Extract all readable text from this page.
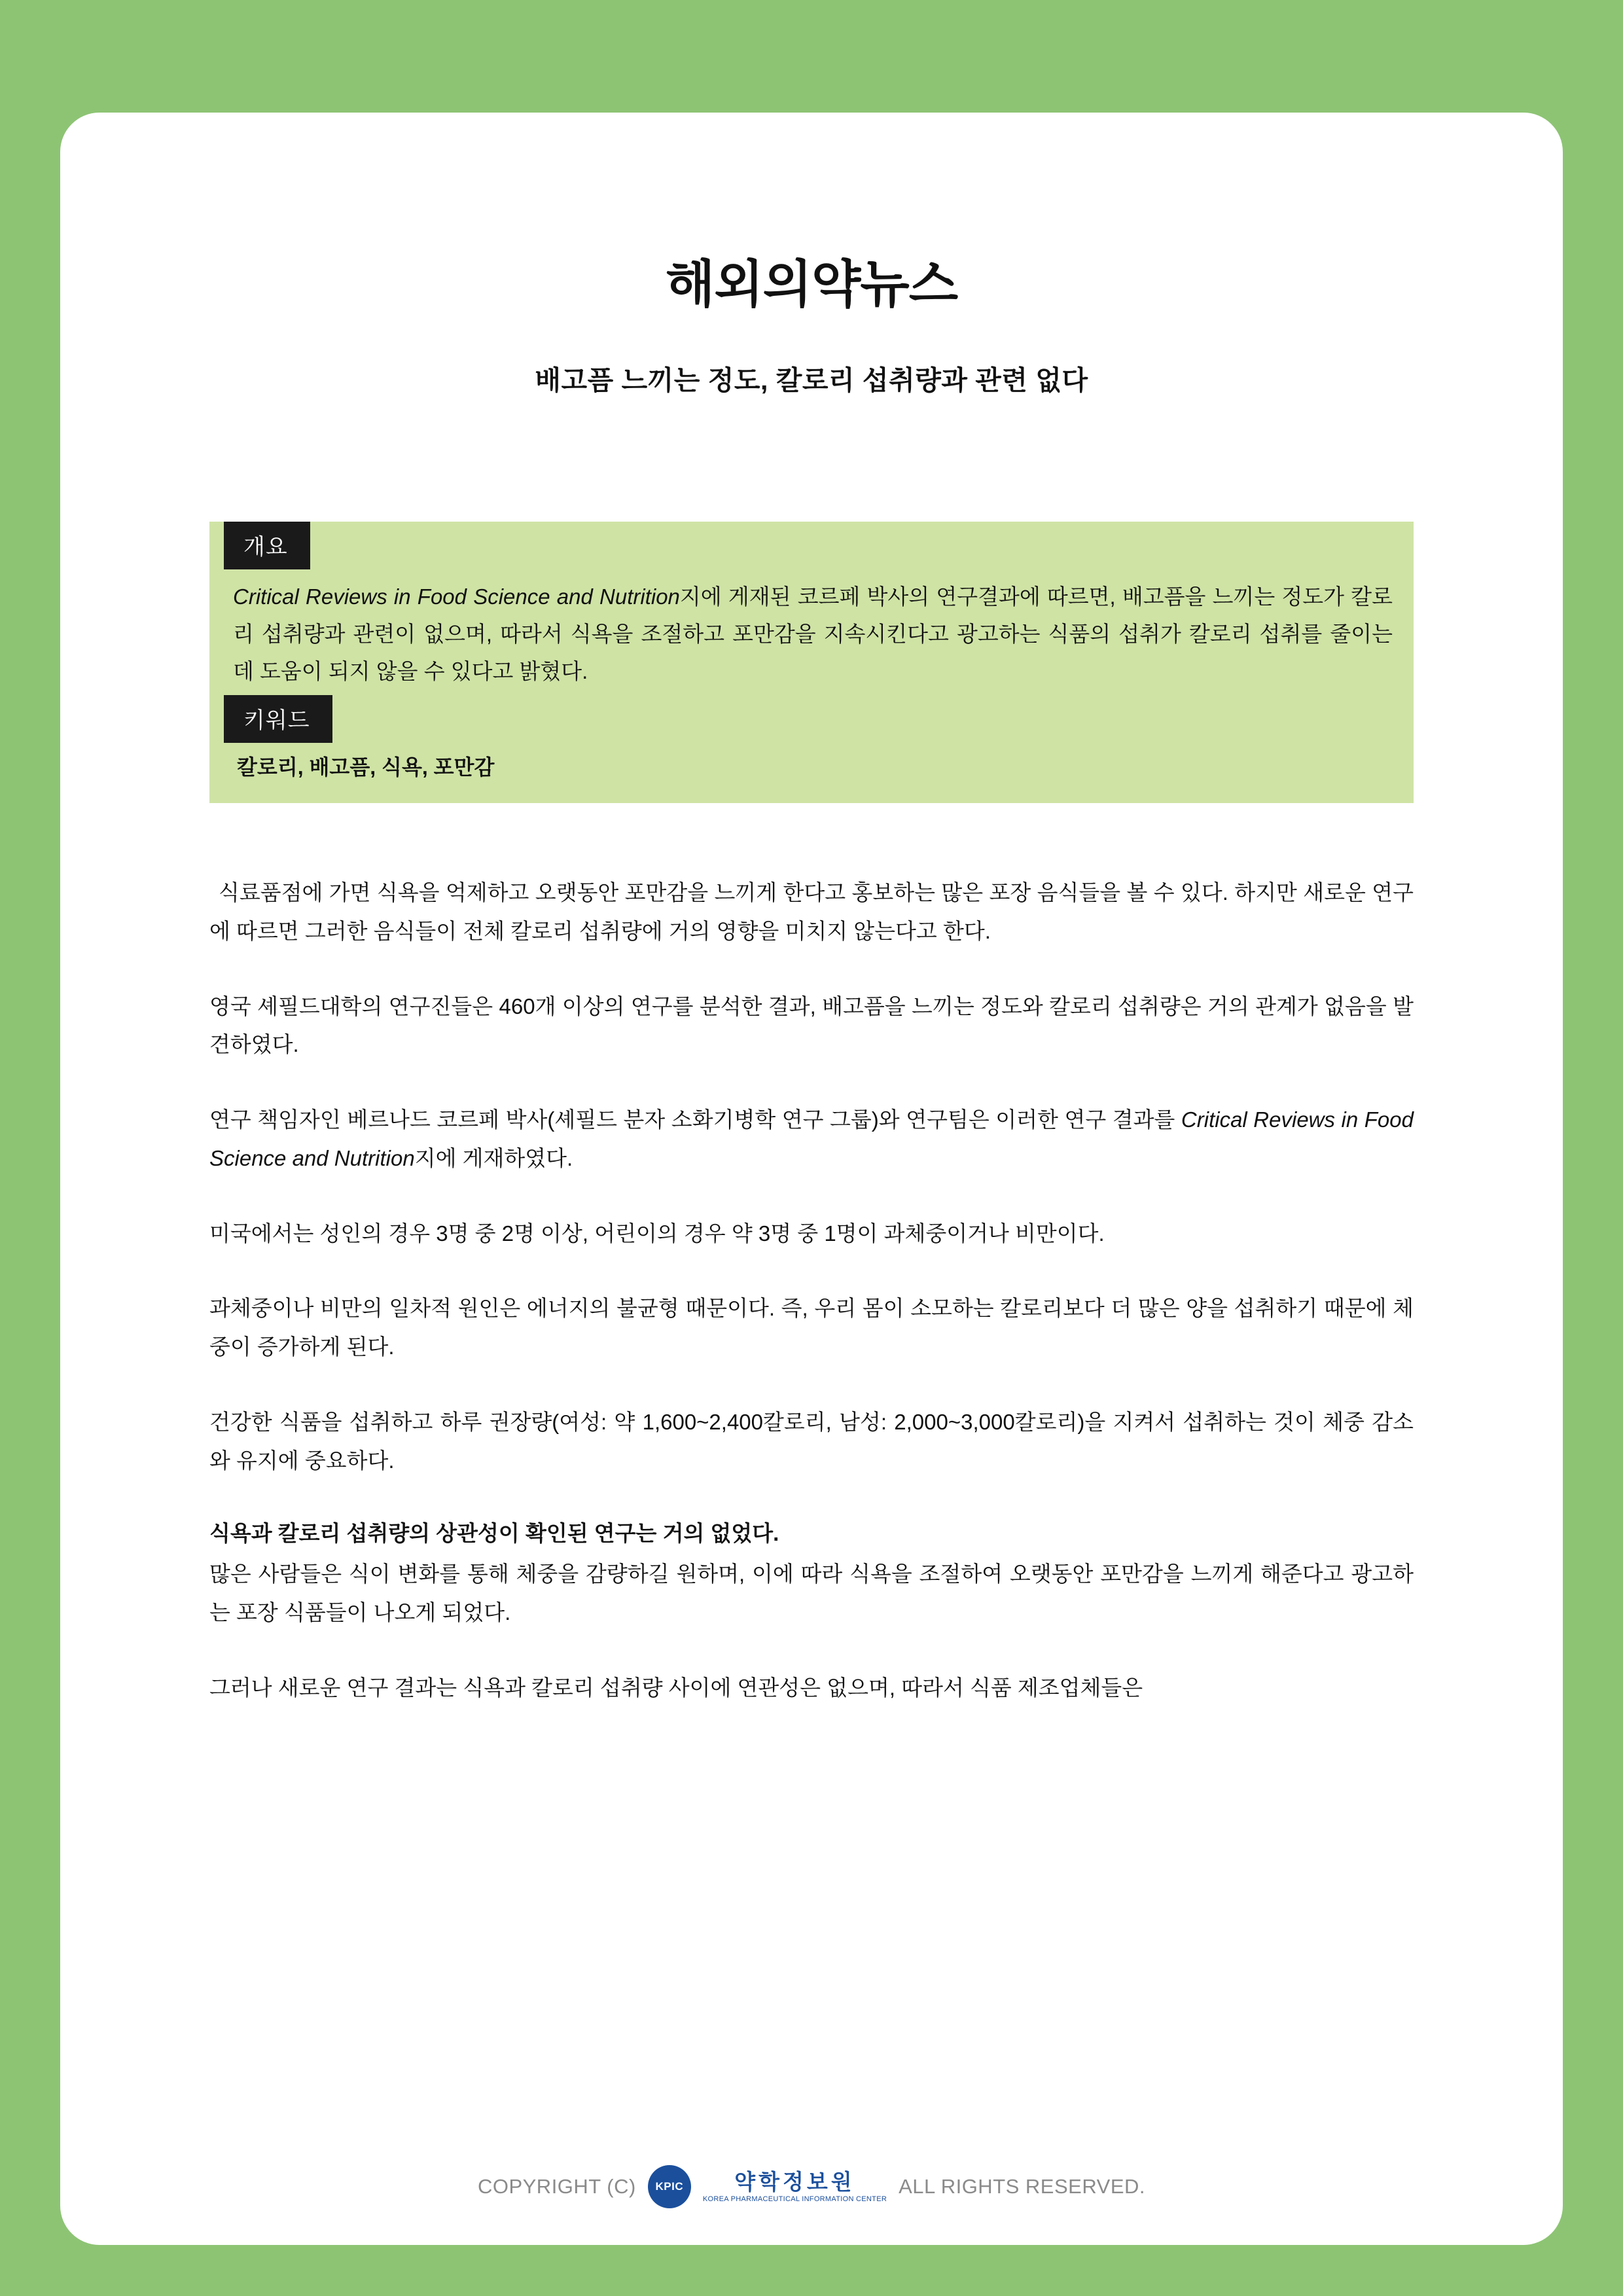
해외의약뉴스
배고픔 느끼는 정도, 칼로리 섭취량과 관련 없다
개요
Critical Reviews in Food Science and Nutrition지에 게재된 코르페 박사의 연구결과에 따르면, 배고픔을 느끼는 정도가 칼로리 섭취량과 관련이 없으며, 따라서 식욕을 조절하고 포만감을 지속시킨다고 광고하는 식품의 섭취가 칼로리 섭취를 줄이는 데 도움이 되지 않을 수 있다고 밝혔다.
키워드
칼로리, 배고픔, 식욕, 포만감

식료품점에 가면 식욕을 억제하고 오랫동안 포만감을 느끼게 한다고 홍보하는 많은 포장 음식들을 볼 수 있다. 하지만 새로운 연구에 따르면 그러한 음식들이 전체 칼로리 섭취량에 거의 영향을 미치지 않는다고 한다.

영국 셰필드대학의 연구진들은 460개 이상의 연구를 분석한 결과, 배고픔을 느끼는 정도와 칼로리 섭취량은 거의 관계가 없음을 발견하였다.

연구 책임자인 베르나드 코르페 박사(셰필드 분자 소화기병학 연구 그룹)와 연구팀은 이러한 연구 결과를 Critical Reviews in Food Science and Nutrition지에 게재하였다.

미국에서는 성인의 경우 3명 중 2명 이상, 어린이의 경우 약 3명 중 1명이 과체중이거나 비만이다.

과체중이나 비만의 일차적 원인은 에너지의 불균형 때문이다. 즉, 우리 몸이 소모하는 칼로리보다 더 많은 양을 섭취하기 때문에 체중이 증가하게 된다.

건강한 식품을 섭취하고 하루 권장량(여성: 약 1,600~2,400칼로리, 남성: 2,000~3,000칼로리)을 지켜서 섭취하는 것이 체중 감소와 유지에 중요하다.

식욕과 칼로리 섭취량의 상관성이 확인된 연구는 거의 없었다.

많은 사람들은 식이 변화를 통해 체중을 감량하길 원하며, 이에 따라 식욕을 조절하여 오랫동안 포만감을 느끼게 해준다고 광고하는 포장 식품들이 나오게 되었다.

그러나 새로운 연구 결과는 식욕과 칼로리 섭취량 사이에 연관성은 없으며, 따라서 식품 제조업체들은

COPYRIGHT (C)	KPIC	약학정보원
KOREA PHARMACEUTICAL INFORMATION CENTER
ALL RIGHTS RESERVED.
